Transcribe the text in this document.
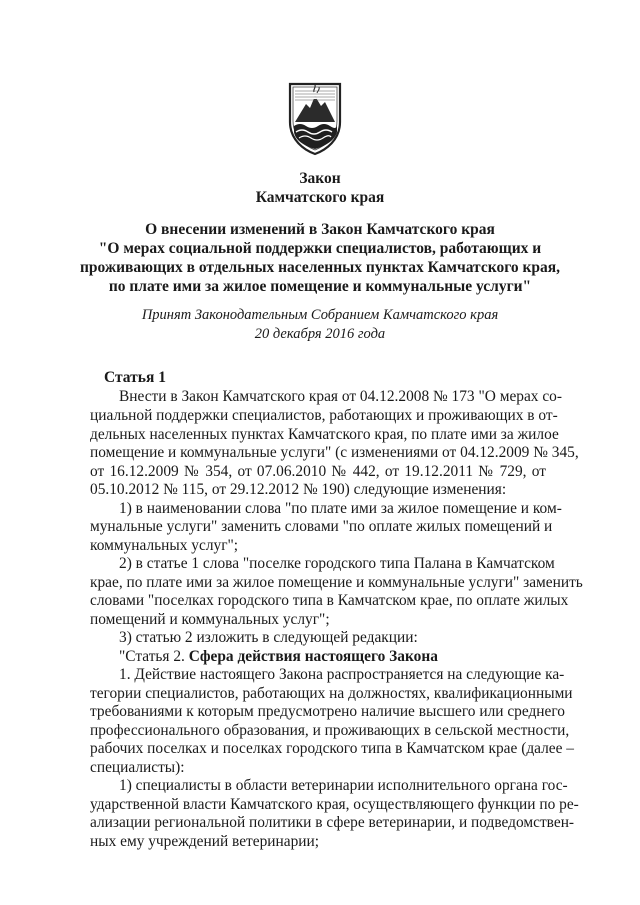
Закон
Камчатского края
О внесении изменений в Закон Камчатского края
"О мерах социальной поддержки специалистов, работающих и
проживающих в отдельных населенных пунктах Камчатского края,
по плате ими за жилое помещение и коммунальные услуги"
Принят Законодательным Собранием Камчатского края
20 декабря 2016 года
Статья 1
Внести в Закон Камчатского края от 04.12.2008 № 173 "О мерах со-
циальной поддержки специалистов, работающих и проживающих в от-
дельных населенных пунктах Камчатского края, по плате ими за жилое
помещение и коммунальные услуги" (с изменениями от 04.12.2009 № 345,
от 16.12.2009 № 354, от 07.06.2010 № 442, от 19.12.2011 № 729, от
05.10.2012 № 115, от 29.12.2012 № 190) следующие изменения:
1) в наименовании слова "по плате ими за жилое помещение и ком-
мунальные услуги" заменить словами "по оплате жилых помещений и
коммунальных услуг";
2) в статье 1 слова "поселке городского типа Палана в Камчатском
крае, по плате ими за жилое помещение и коммунальные услуги" заменить
словами "поселках городского типа в Камчатском крае, по оплате жилых
помещений и коммунальных услуг";
3) статью 2 изложить в следующей редакции:
"Статья 2. Сфера действия настоящего Закона
1. Действие настоящего Закона распространяется на следующие ка-
тегории специалистов, работающих на должностях, квалификационными
требованиями к которым предусмотрено наличие высшего или среднего
профессионального образования, и проживающих в сельской местности,
рабочих поселках и поселках городского типа в Камчатском крае (далее –
специалисты):
1) специалисты в области ветеринарии исполнительного органа гос-
ударственной власти Камчатского края, осуществляющего функции по ре-
ализации региональной политики в сфере ветеринарии, и подведомствен-
ных ему учреждений ветеринарии;
